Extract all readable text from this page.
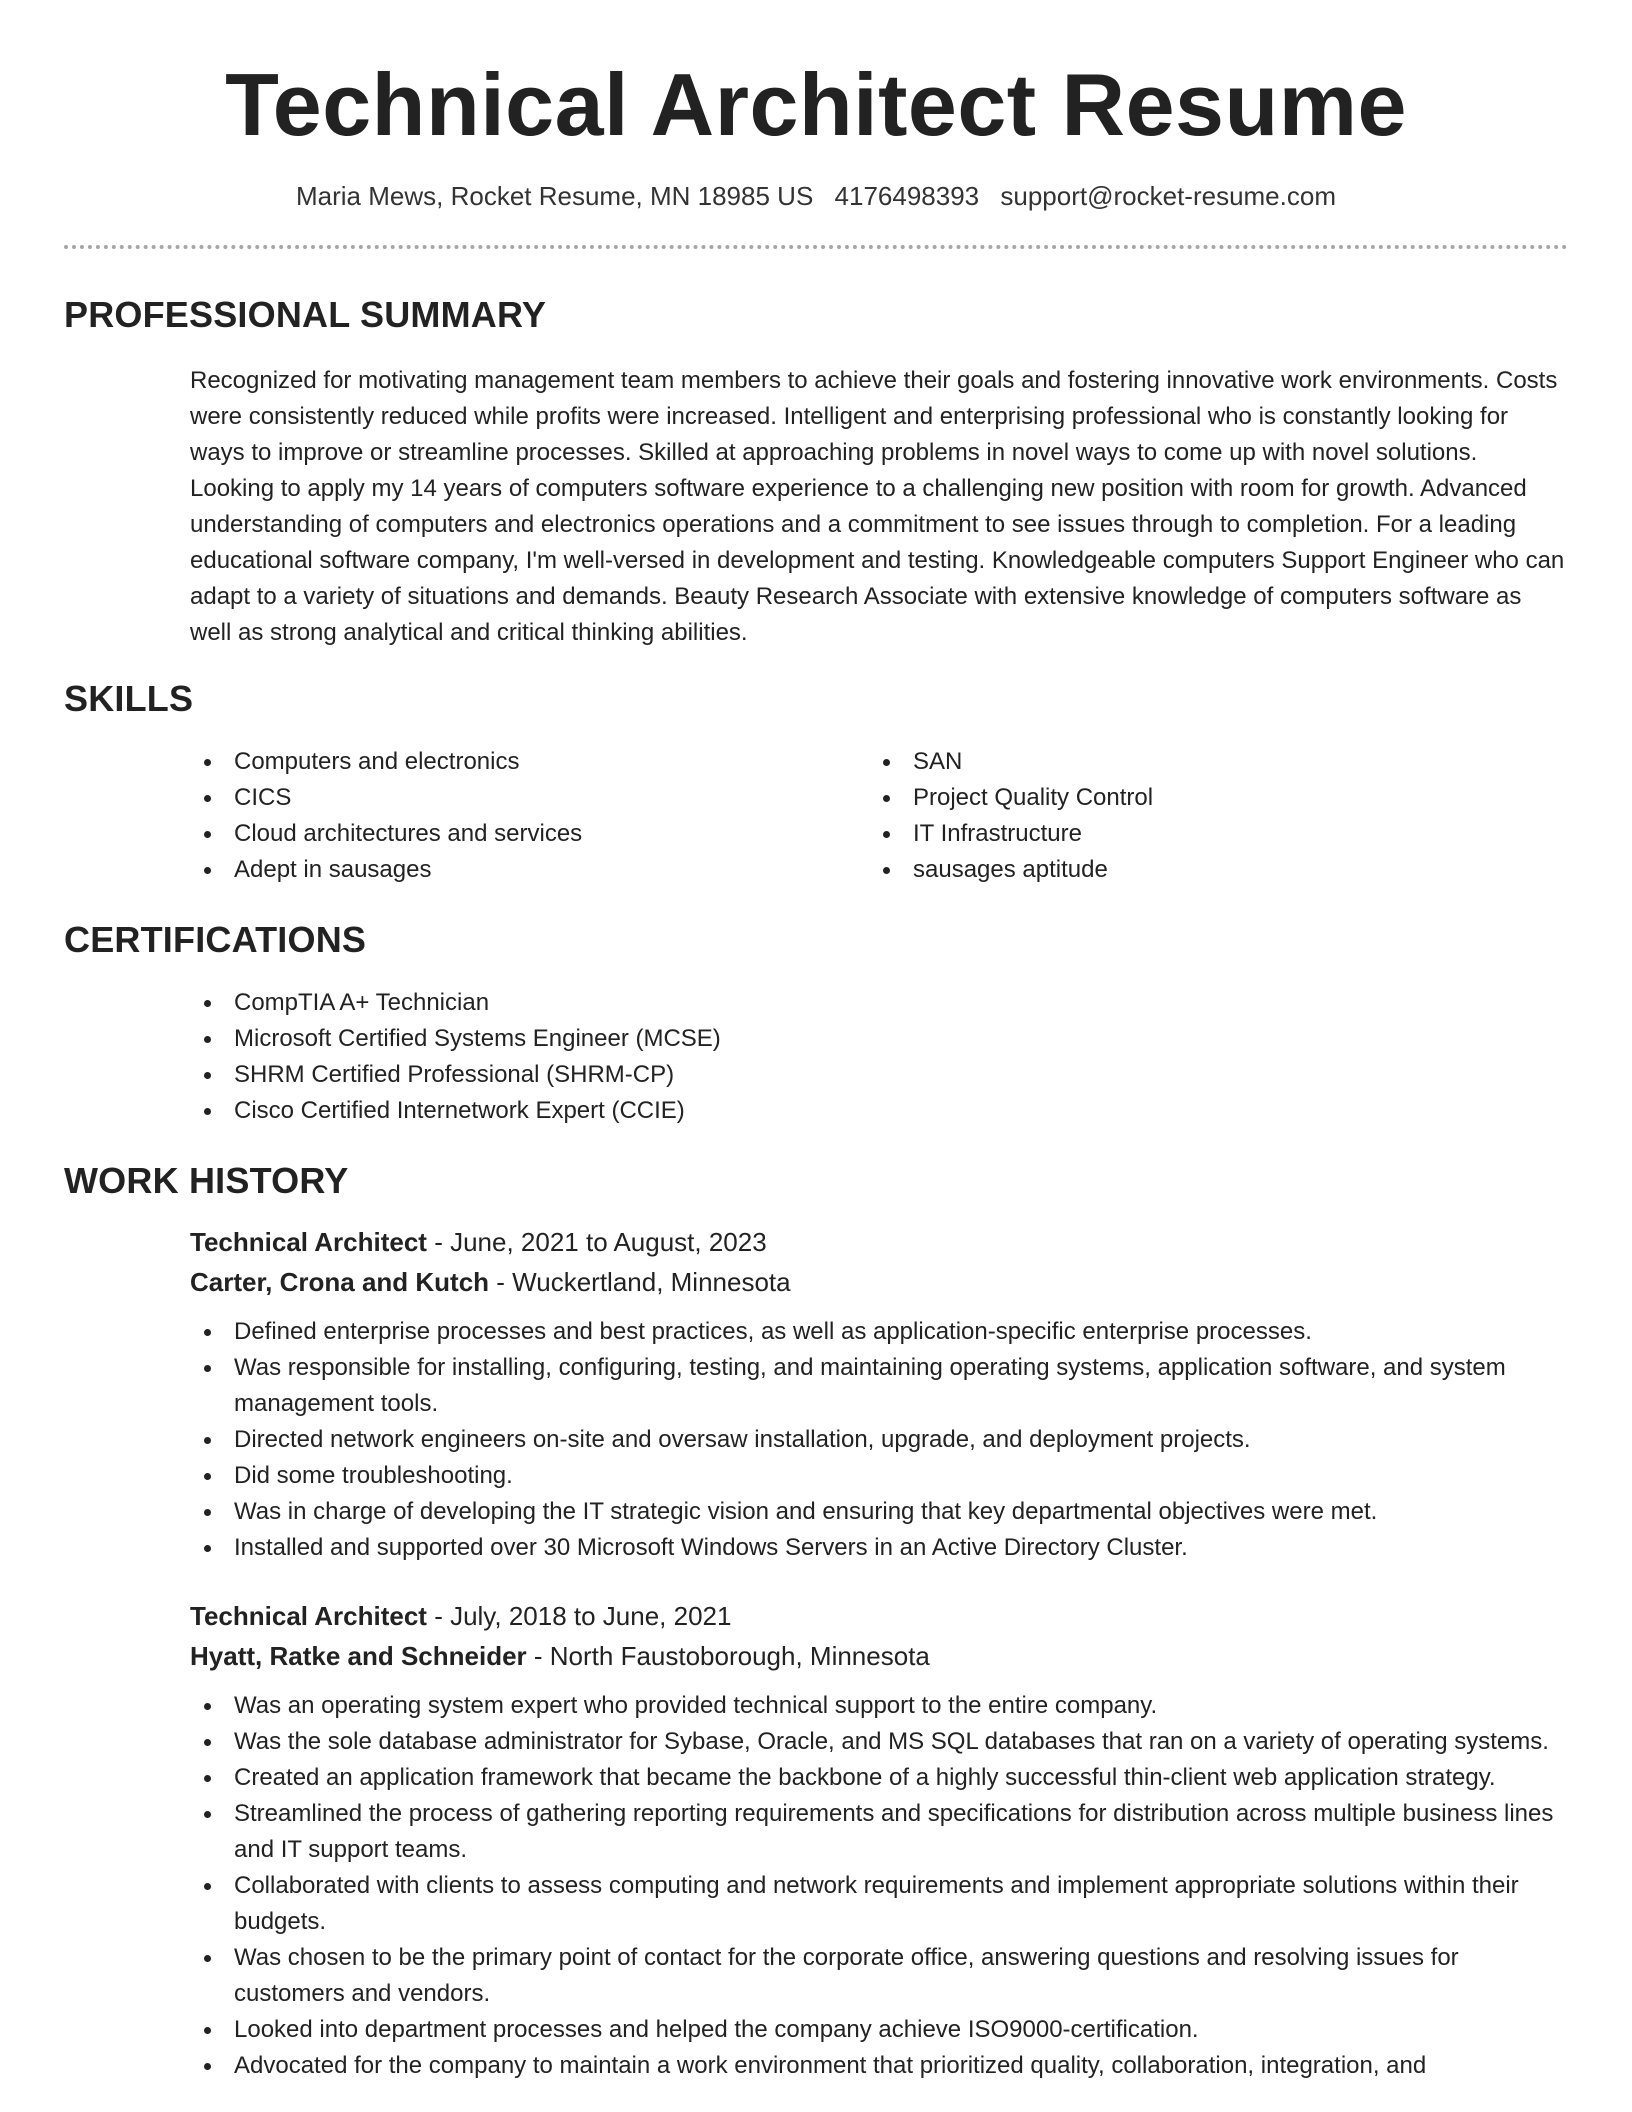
Technical Architect Resume
Maria Mews, Rocket Resume, MN 18985 US 4176498393 support@rocket-resume.com
PROFESSIONAL SUMMARY

Recognized for motivating management team members to achieve their goals and fostering innovative work environments. Costs were consistently reduced while profits were increased. Intelligent and enterprising professional who is constantly looking for ways to improve or streamline processes. Skilled at approaching problems in novel ways to come up with novel solutions. Looking to apply my 14 years of computers software experience to a challenging new position with room for growth. Advanced understanding of computers and electronics operations and a commitment to see issues through to completion. For a leading educational software company, I'm well-versed in development and testing. Knowledgeable computers Support Engineer who can adapt to a variety of situations and demands. Beauty Research Associate with extensive knowledge of computers software as well as strong analytical and critical thinking abilities.

SKILLS
Computers and electronics
CICS
Cloud architectures and services
Adept in sausages
SAN
Project Quality Control
IT Infrastructure
sausages aptitude
CERTIFICATIONS
CompTIA A+ Technician
Microsoft Certified Systems Engineer (MCSE)
SHRM Certified Professional (SHRM-CP)
Cisco Certified Internetwork Expert (CCIE)
WORK HISTORY
Technical Architect - June, 2021 to August, 2023
Carter, Crona and Kutch - Wuckertland, Minnesota
Defined enterprise processes and best practices, as well as application-specific enterprise processes.
Was responsible for installing, configuring, testing, and maintaining operating systems, application software, and system management tools.
Directed network engineers on-site and oversaw installation, upgrade, and deployment projects.
Did some troubleshooting.
Was in charge of developing the IT strategic vision and ensuring that key departmental objectives were met.
Installed and supported over 30 Microsoft Windows Servers in an Active Directory Cluster.
Technical Architect - July, 2018 to June, 2021
Hyatt, Ratke and Schneider - North Faustoborough, Minnesota
Was an operating system expert who provided technical support to the entire company.
Was the sole database administrator for Sybase, Oracle, and MS SQL databases that ran on a variety of operating systems.
Created an application framework that became the backbone of a highly successful thin-client web application strategy.
Streamlined the process of gathering reporting requirements and specifications for distribution across multiple business lines and IT support teams.
Collaborated with clients to assess computing and network requirements and implement appropriate solutions within their budgets.
Was chosen to be the primary point of contact for the corporate office, answering questions and resolving issues for customers and vendors.
Looked into department processes and helped the company achieve ISO9000-certification.
Advocated for the company to maintain a work environment that prioritized quality, collaboration, integration, and
